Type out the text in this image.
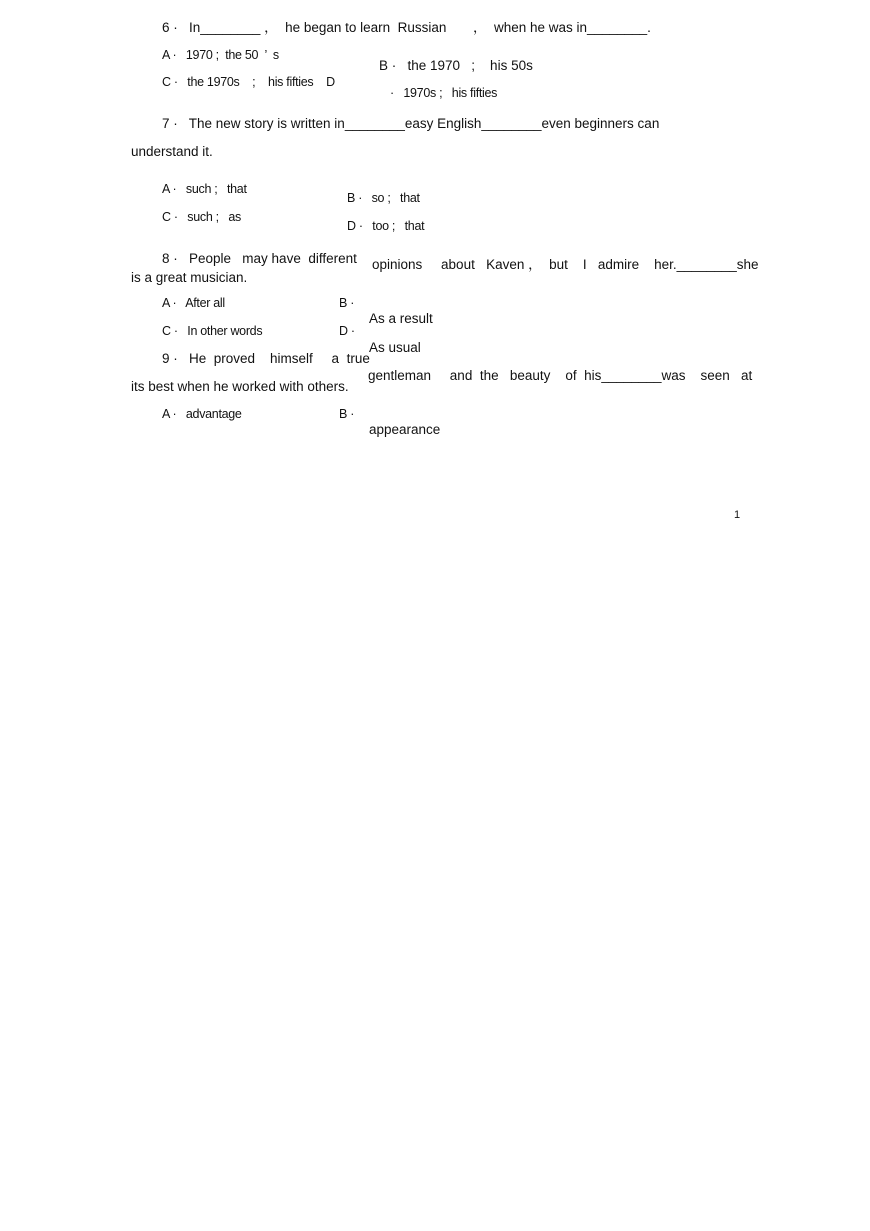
6 ·   In________ ，  he began to learn  Russian ，  when he was in________.
A ·   1970 ;  the 50  ’  s
B ·   the 1970   ;    his 50s
C ·   the 1970s    ;    his fifties    D
·   1970s ;   his fifties
7 ·   The new story is written in________easy English________even beginners can
understand it.
A ·   such ;   that
B ·   so ;   that
C ·   such ;   as
D ·   too ;   that
8 ·   People   may have  different opinions     about   Kaven ，  but    I   admire    her.________she
is a great musician.
A ·   After all	B ·
As a result
C ·   In other words	D ·
As usual
9 ·   He  proved    himself     a  true
gentleman     and  the   beauty    of  his________was    seen   at
its best when he worked with others.
A ·   advantage	B ·
appearance
1
